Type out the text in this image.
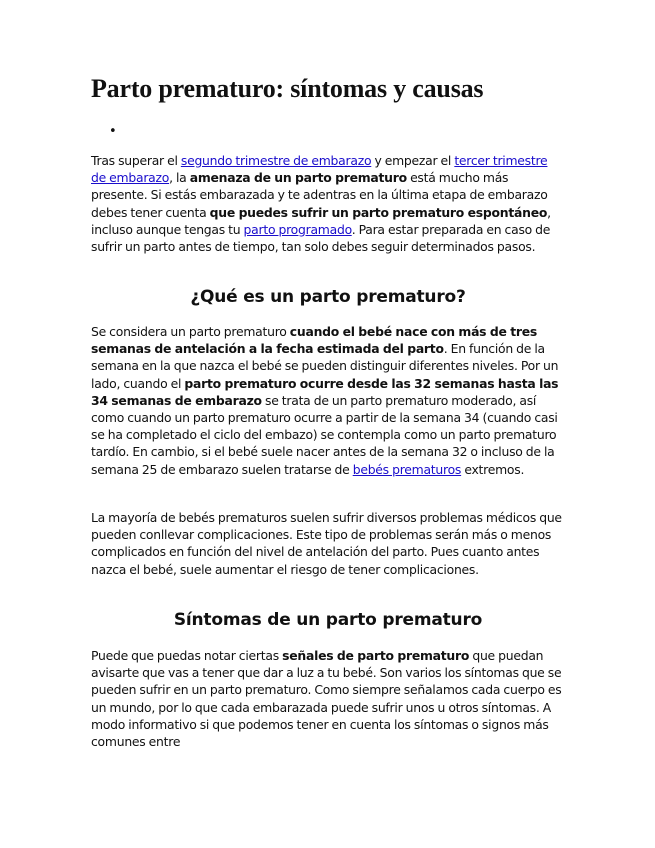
Parto prematuro: síntomas y causas
•

Tras superar el segundo trimestre de embarazo y empezar el tercer trimestre de embarazo, la amenaza de un parto prematuro está mucho más presente. Si estás embarazada y te adentras en la última etapa de embarazo debes tener cuenta que puedes sufrir un parto prematuro espontáneo, incluso aunque tengas tu parto programado. Para estar preparada en caso de sufrir un parto antes de tiempo, tan solo debes seguir determinados pasos.

¿Qué es un parto prematuro?

Se considera un parto prematuro cuando el bebé nace con más de tres semanas de antelación a la fecha estimada del parto. En función de la semana en la que nazca el bebé se pueden distinguir diferentes niveles. Por un lado, cuando el parto prematuro ocurre desde las 32 semanas hasta las 34 semanas de embarazo se trata de un parto prematuro moderado, así como cuando un parto prematuro ocurre a partir de la semana 34 (cuando casi se ha completado el ciclo del embazo) se contempla como un parto prematuro tardío. En cambio, si el bebé suele nacer antes de la semana 32 o incluso de la semana 25 de embarazo suelen tratarse de bebés prematuros extremos.

La mayoría de bebés prematuros suelen sufrir diversos problemas médicos que pueden conllevar complicaciones. Este tipo de problemas serán más o menos complicados en función del nivel de antelación del parto. Pues cuanto antes nazca el bebé, suele aumentar el riesgo de tener complicaciones.

Síntomas de un parto prematuro

Puede que puedas notar ciertas señales de parto prematuro que puedan avisarte que vas a tener que dar a luz a tu bebé. Son varios los síntomas que se pueden sufrir en un parto prematuro. Como siempre señalamos cada cuerpo es un mundo, por lo que cada embarazada puede sufrir unos u otros síntomas. A modo informativo si que podemos tener en cuenta los síntomas o signos más comunes entre
